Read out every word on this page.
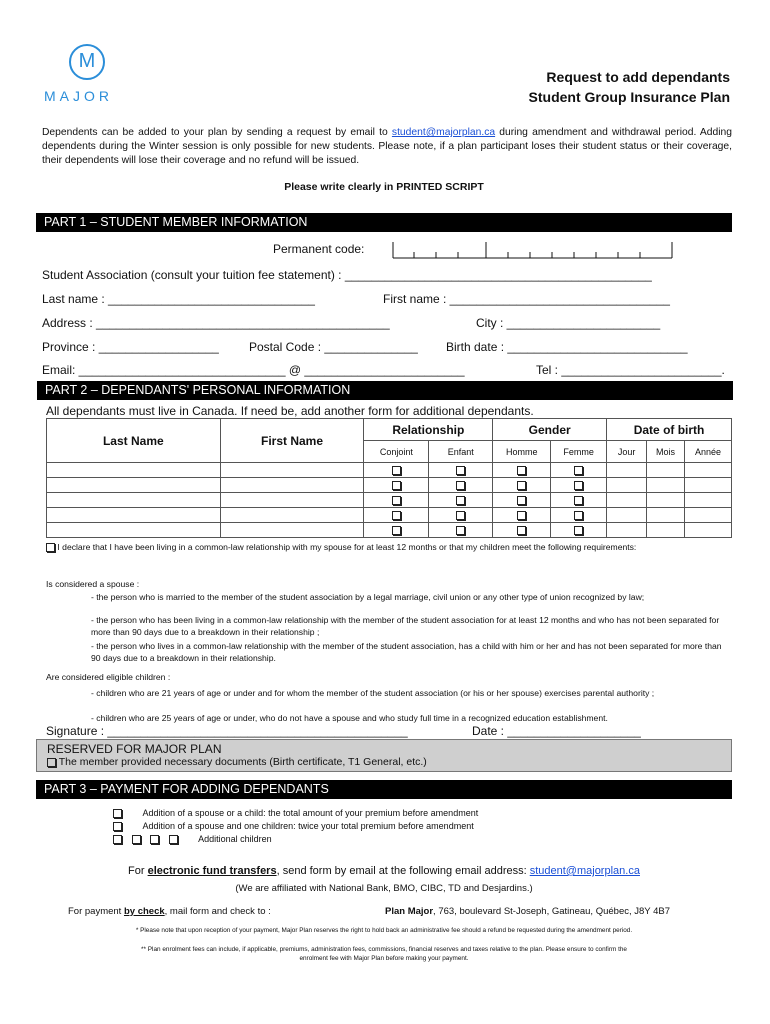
M
MAJOR
Request to add dependants
Student Group Insurance Plan
Dependents can be added to your plan by sending a request by email to student@majorplan.ca during amendment and withdrawal period. Adding dependents during the Winter session is only possible for new students. Please note, if a plan participant loses their student status or their coverage, their dependents will lose their coverage and no refund will be issued.
Please write clearly in PRINTED SCRIPT
PART 1 – STUDENT MEMBER INFORMATION
Permanent code:
Student Association (consult your tuition fee statement) : ______________________________________________
Last name : _______________________________	First name : _________________________________
Address : ____________________________________________	City : _______________________
Province : __________________	Postal Code : ______________ Birth date : ___________________________
Email: _______________________________ @ ________________________	Tel : ________________________.
PART 2 – DEPENDANTS' PERSONAL INFORMATION
All dependants must live in Canada. If need be, add another form for additional dependants.
Last Name	First Name	Relationship		Gender		Date of birth		
		Conjoint	Enfant	Homme	Femme	Jour	Mois	Année

I declare that I have been living in a common-law relationship with my spouse for at least 12 months or that my children meet the following requirements:
Is considered a spouse :
- the person who is married to the member of the student association by a legal marriage, civil union or any other type of union recognized by law;
- the person who has been living in a common-law relationship with the member of the student association for at least 12 months and who has not been separated for more than 90 days due to a breakdown in their relationship ;
- the person who lives in a common-law relationship with the member of the student association, has a child with him or her and has not been separated for more than 90 days due to a breakdown in their relationship.
Are considered eligible children :
- children who are 21 years of age or under and for whom the member of the student association (or his or her spouse) exercises parental authority ;
- children who are 25 years of age or under, who do not have a spouse and who study full time in a recognized education establishment.
Signature : _____________________________________________	Date : ____________________
RESERVED FOR MAJOR PLAN
The member provided necessary documents (Birth certificate, T1 General, etc.)
PART 3 – PAYMENT FOR ADDING DEPENDANTS
Addition of a spouse or a child: the total amount of your premium before amendment
Addition of a spouse and one children: twice your total premium before amendment
Additional children
For electronic fund transfers, send form by email at the following email address: student@majorplan.ca
(We are affiliated with National Bank, BMO, CIBC, TD and Desjardins.)
For payment by check, mail form and check to :	Plan Major, 763, boulevard St-Joseph, Gatineau, Québec, J8Y 4B7
* Please note that upon reception of your payment, Major Plan reserves the right to hold back an administrative fee should a refund be requested during the amendment period.
** Plan enrolment fees can include, if applicable, premiums, administration fees, commissions, financial reserves and taxes relative to the plan. Please ensure to confirm the
enrolment fee with Major Plan before making your payment.
